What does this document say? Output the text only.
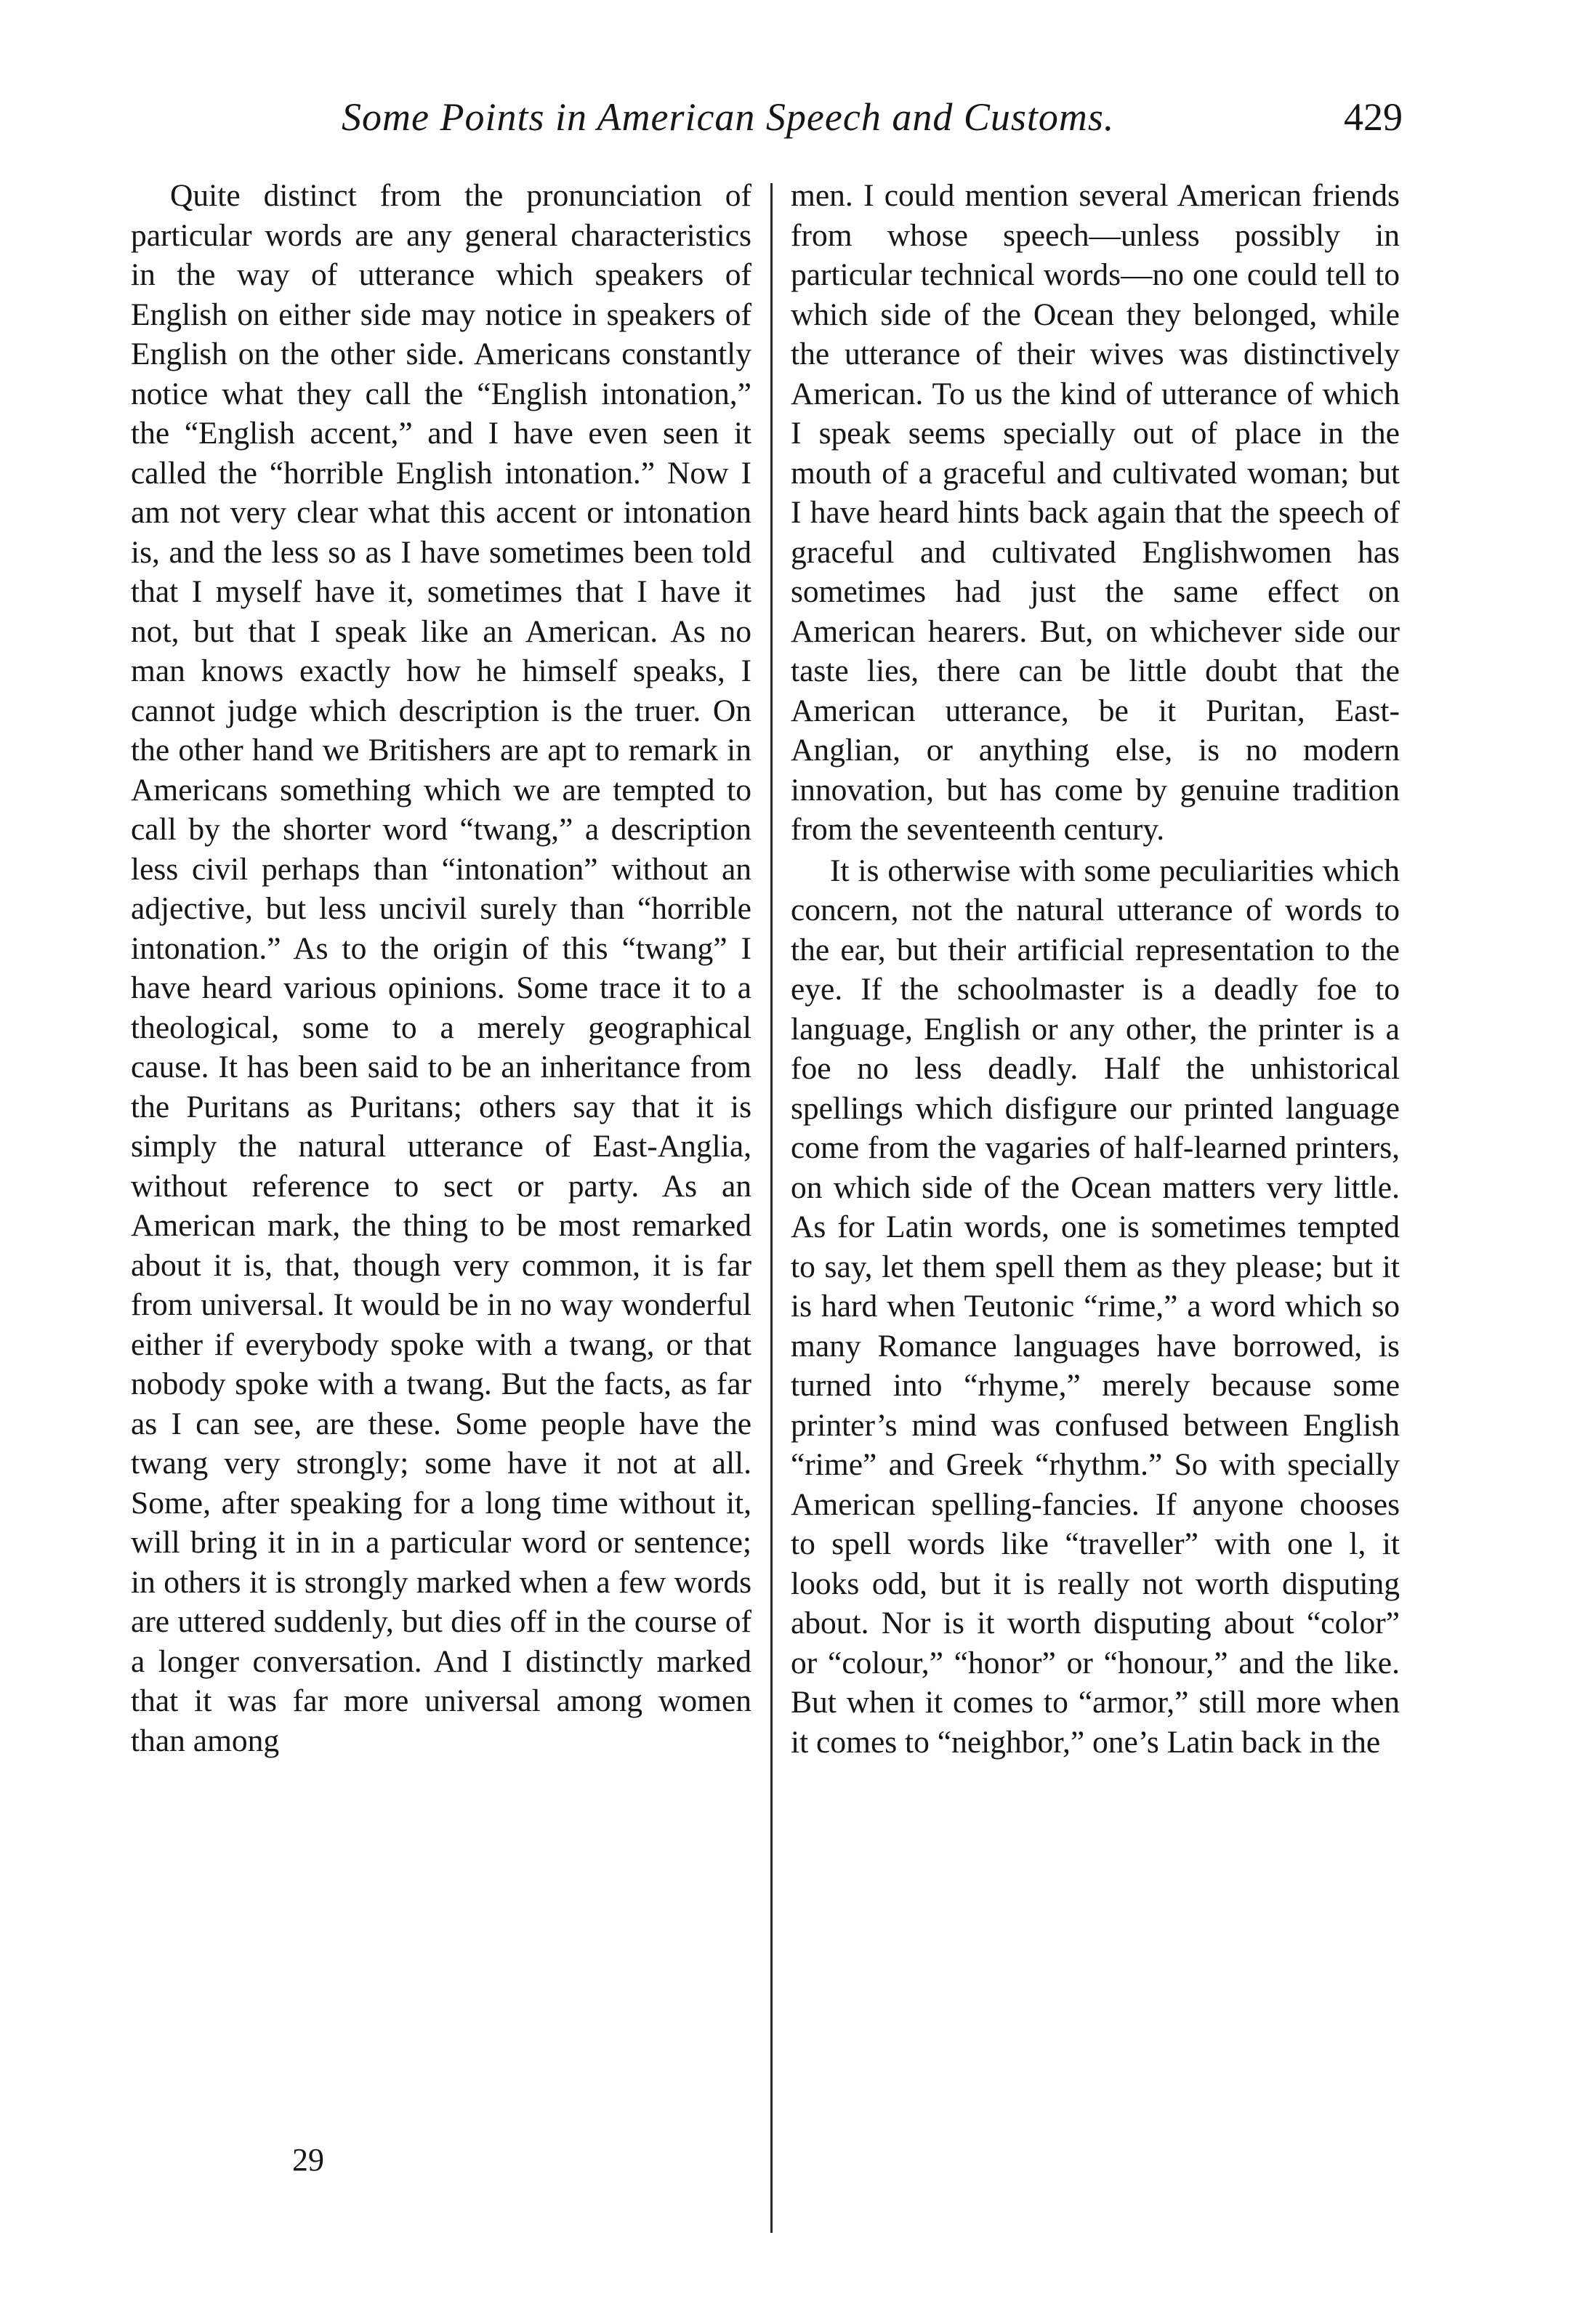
Some Points in American Speech and Customs.	429

Quite distinct from the pronunciation of particular words are any general characteristics in the way of utterance which speakers of English on either side may notice in speakers of English on the other side. Americans constantly notice what they call the “English intonation,” the “English accent,” and I have even seen it called the “horrible English intonation.” Now I am not very clear what this accent or intonation is, and the less so as I have sometimes been told that I myself have it, sometimes that I have it not, but that I speak like an American. As no man knows exactly how he himself speaks, I cannot judge which description is the truer. On the other hand we Britishers are apt to remark in Americans something which we are tempted to call by the shorter word “twang,” a description less civil perhaps than “intonation” without an adjective, but less uncivil surely than “horrible intonation.” As to the origin of this “twang” I have heard various opinions. Some trace it to a theological, some to a merely geographical cause. It has been said to be an inheritance from the Puritans as Puritans; others say that it is simply the natural utterance of East-Anglia, without reference to sect or party. As an American mark, the thing to be most remarked about it is, that, though very common, it is far from universal. It would be in no way wonderful either if everybody spoke with a twang, or that nobody spoke with a twang. But the facts, as far as I can see, are these. Some people have the twang very strongly; some have it not at all. Some, after speaking for a long time without it, will bring it in in a particular word or sentence; in others it is strongly marked when a few words are uttered suddenly, but dies off in the course of a longer conversation. And I distinctly marked that it was far more universal among women than among

men. I could mention several American friends from whose speech—unless possibly in particular technical words—no one could tell to which side of the Ocean they belonged, while the utterance of their wives was distinctively American. To us the kind of utterance of which I speak seems specially out of place in the mouth of a graceful and cultivated woman; but I have heard hints back again that the speech of graceful and cultivated Englishwomen has sometimes had just the same effect on American hearers. But, on whichever side our taste lies, there can be little doubt that the American utterance, be it Puritan, East-Anglian, or anything else, is no modern innovation, but has come by genuine tradition from the seventeenth century.

It is otherwise with some peculiarities which concern, not the natural utterance of words to the ear, but their artificial representation to the eye. If the schoolmaster is a deadly foe to language, English or any other, the printer is a foe no less deadly. Half the unhistorical spellings which disfigure our printed language come from the vagaries of half-learned printers, on which side of the Ocean matters very little. As for Latin words, one is sometimes tempted to say, let them spell them as they please; but it is hard when Teutonic “rime,” a word which so many Romance languages have borrowed, is turned into “rhyme,” merely because some printer’s mind was confused between English “rime” and Greek “rhythm.” So with specially American spelling-fancies. If anyone chooses to spell words like “traveller” with one l, it looks odd, but it is really not worth disputing about. Nor is it worth disputing about “color” or “colour,” “honor” or “honour,” and the like. But when it comes to “armor,” still more when it comes to “neighbor,” one’s Latin back in the

29
